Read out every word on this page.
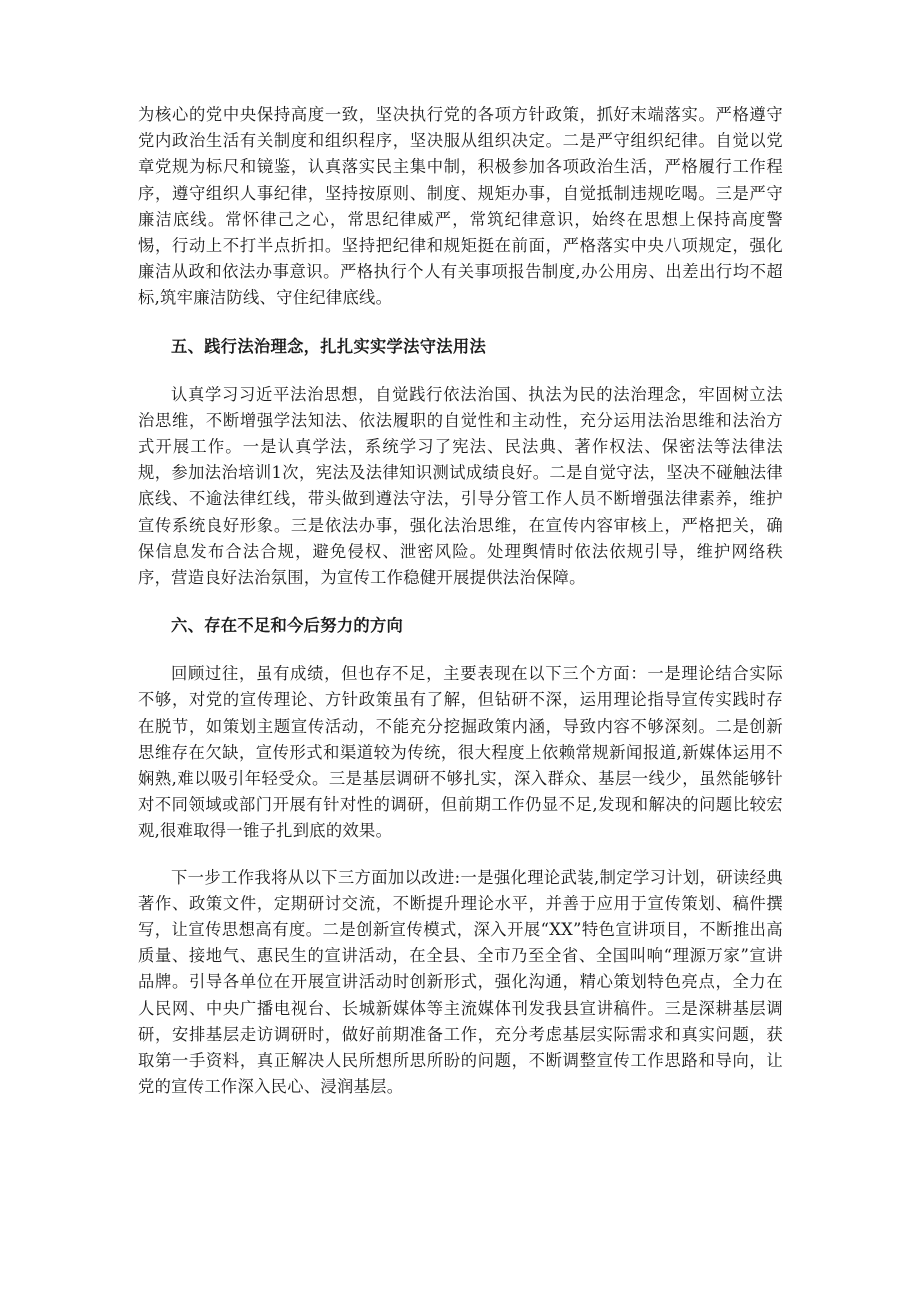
为核心的党中央保持高度一致，坚决执行党的各项方针政策，抓好末端落实。严格遵守党内政治生活有关制度和组织程序，坚决服从组织决定。二是严守组织纪律。自觉以党章党规为标尺和镜鉴，认真落实民主集中制，积极参加各项政治生活，严格履行工作程序，遵守组织人事纪律，坚持按原则、制度、规矩办事，自觉抵制违规吃喝。三是严守廉洁底线。常怀律己之心，常思纪律威严，常筑纪律意识，始终在思想上保持高度警惕，行动上不打半点折扣。坚持把纪律和规矩挺在前面，严格落实中央八项规定，强化廉洁从政和依法办事意识。严格执行个人有关事项报告制度,办公用房、出差出行均不超标,筑牢廉洁防线、守住纪律底线。

五、践行法治理念，扎扎实实学法守法用法

认真学习习近平法治思想，自觉践行依法治国、执法为民的法治理念，牢固树立法治思维，不断增强学法知法、依法履职的自觉性和主动性，充分运用法治思维和法治方式开展工作。一是认真学法，系统学习了宪法、民法典、著作权法、保密法等法律法规，参加法治培训1次，宪法及法律知识测试成绩良好。二是自觉守法，坚决不碰触法律底线、不逾法律红线，带头做到遵法守法，引导分管工作人员不断增强法律素养，维护宣传系统良好形象。三是依法办事，强化法治思维，在宣传内容审核上，严格把关，确保信息发布合法合规，避免侵权、泄密风险。处理舆情时依法依规引导，维护网络秩序，营造良好法治氛围，为宣传工作稳健开展提供法治保障。

六、存在不足和今后努力的方向

回顾过往，虽有成绩，但也存不足，主要表现在以下三个方面：一是理论结合实际不够，对党的宣传理论、方针政策虽有了解，但钻研不深，运用理论指导宣传实践时存在脱节，如策划主题宣传活动，不能充分挖掘政策内涵，导致内容不够深刻。二是创新思维存在欠缺，宣传形式和渠道较为传统，很大程度上依赖常规新闻报道,新媒体运用不娴熟,难以吸引年轻受众。三是基层调研不够扎实，深入群众、基层一线少，虽然能够针对不同领域或部门开展有针对性的调研，但前期工作仍显不足,发现和解决的问题比较宏观,很难取得一锥子扎到底的效果。

下一步工作我将从以下三方面加以改进:一是强化理论武装,制定学习计划，研读经典著作、政策文件，定期研讨交流，不断提升理论水平，并善于应用于宣传策划、稿件撰写，让宣传思想高有度。二是创新宣传模式，深入开展“XX”特色宣讲项目，不断推出高质量、接地气、惠民生的宣讲活动，在全县、全市乃至全省、全国叫响“理源万家”宣讲品牌。引导各单位在开展宣讲活动时创新形式，强化沟通，精心策划特色亮点，全力在人民网、中央广播电视台、长城新媒体等主流媒体刊发我县宣讲稿件。三是深耕基层调研，安排基层走访调研时，做好前期准备工作，充分考虑基层实际需求和真实问题，获取第一手资料，真正解决人民所想所思所盼的问题，不断调整宣传工作思路和导向，让党的宣传工作深入民心、浸润基层。
